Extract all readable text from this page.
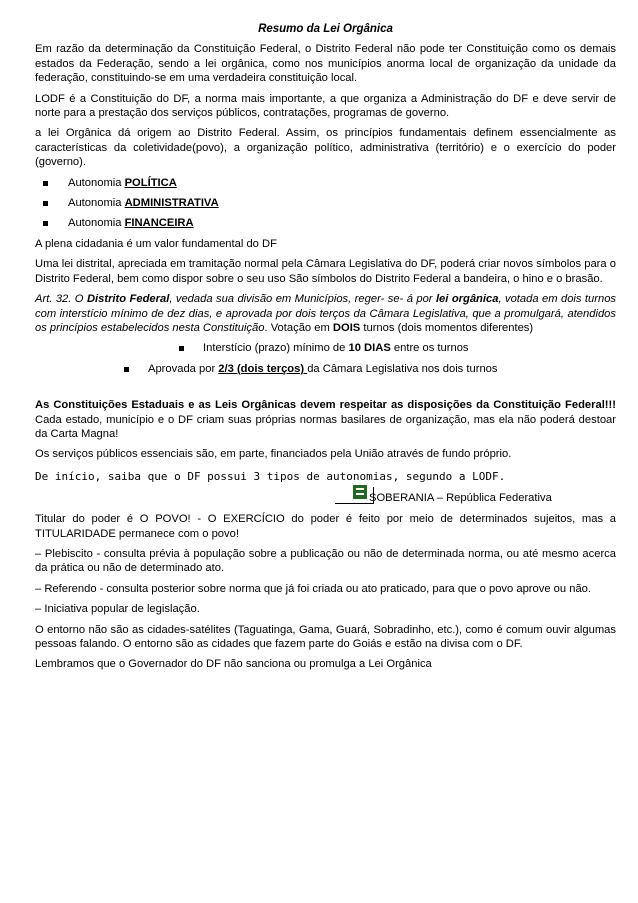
Resumo da Lei Orgânica

Em razão da determinação da Constituição Federal, o Distrito Federal não pode ter Constituição como os demais estados da Federação, sendo a lei orgânica, como nos municípios anorma local de organização da unidade da federação, constituindo-se em uma verdadeira constituição local.

LODF é a Constituição do DF, a norma mais importante, a que organiza a Administração do DF e deve servir de norte para a prestação dos serviços públicos, contratações, programas de governo.

a lei Orgânica dá origem ao Distrito Federal. Assim, os princípios fundamentais definem essencialmente as características da coletividade(povo), a organização político, administrativa (território) e o exercício do poder (governo).

Autonomia POLÍTICA
Autonomia ADMINISTRATIVA
Autonomia FINANCEIRA

A plena cidadania é um valor fundamental do DF

Uma lei distrital, apreciada em tramitação normal pela Câmara Legislativa do DF, poderá criar novos símbolos para o Distrito Federal, bem como dispor sobre o seu uso São símbolos do Distrito Federal a bandeira, o hino e o brasão.

Art. 32. O Distrito Federal, vedada sua divisão em Municípios, reger- se- á por lei orgânica, votada em dois turnos com interstício mínimo de dez dias, e aprovada por dois terços da Câmara Legislativa, que a promulgará, atendidos os princípios estabelecidos nesta Constituição. Votação em DOIS turnos (dois momentos diferentes)

Interstício (prazo) mínimo de 10 DIAS entre os turnos
Aprovada por 2/3 (dois terços) da Câmara Legislativa nos dois turnos

As Constituições Estaduais e as Leis Orgânicas devem respeitar as disposições da Constituição Federal!!! Cada estado, município e o DF criam suas próprias normas basilares de organização, mas ela não poderá destoar da Carta Magna!

Os serviços públicos essenciais são, em parte, financiados pela União através de fundo próprio.

De início, saiba que o DF possui 3 tipos de autonomias, segundo a LODF.
SOBERANIA – República Federativa

Titular do poder é O POVO! - O EXERCÍCIO do poder é feito por meio de determinados sujeitos, mas a TITULARIDADE permanece com o povo!

– Plebiscito - consulta prévia à população sobre a publicação ou não de determinada norma, ou até mesmo acerca da prática ou não de determinado ato.

– Referendo - consulta posterior sobre norma que já foi criada ou ato praticado, para que o povo aprove ou não.

– Iniciativa popular de legislação.

O entorno não são as cidades-satélites (Taguatinga, Gama, Guará, Sobradinho, etc.), como é comum ouvir algumas pessoas falando. O entorno são as cidades que fazem parte do Goiás e estão na divisa com o DF.

Lembramos que o Governador do DF não sanciona ou promulga a Lei Orgânica
